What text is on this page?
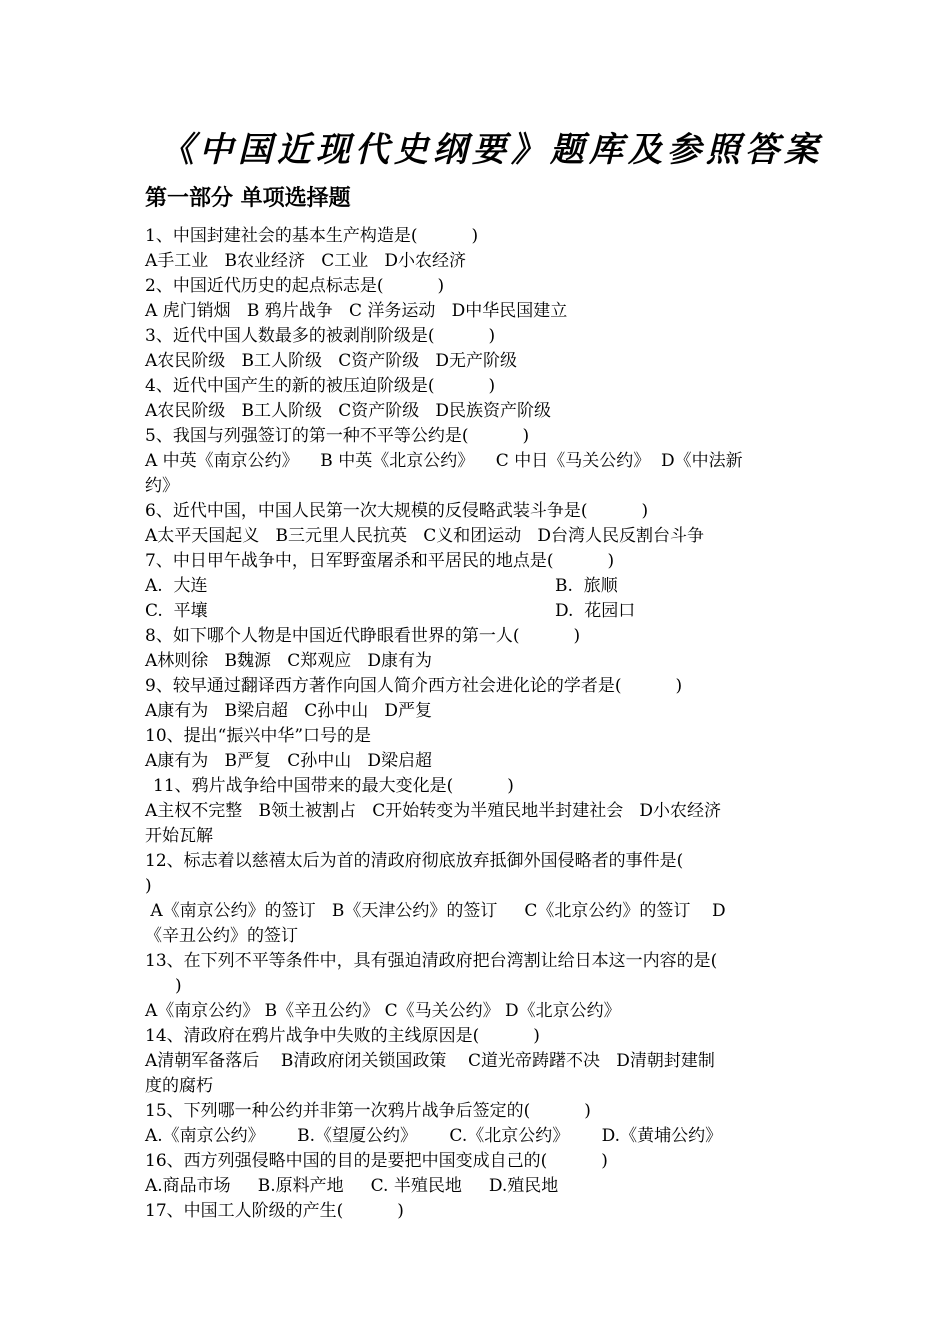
《中国近现代史纲要》题库及参照答案
第一部分 单项选择题
1、中国封建社会的基本生产构造是(          )
A手工业   B农业经济   C工业   D小农经济
2、中国近代历史的起点标志是(          )
A 虎门销烟   B 鸦片战争   C 洋务运动   D中华民国建立
3、近代中国人数最多的被剥削阶级是(          )
A农民阶级   B工人阶级   C资产阶级   D无产阶级
4、近代中国产生的新的被压迫阶级是(          )
A农民阶级   B工人阶级   C资产阶级   D民族资产阶级
5、我国与列强签订的第一种不平等公约是(          )
A 中英《南京公约》    B 中英《北京公约》    C 中日《马关公约》  D《中法新
约》
6、近代中国，中国人民第一次大规模的反侵略武装斗争是(          )
A太平天国起义   B三元里人民抗英   C义和团运动   D台湾人民反割台斗争
7、中日甲午战争中，日军野蛮屠杀和平居民的地点是(          )
A.  大连	B.  旅顺
C.  平壤	D.  花园口
8、如下哪个人物是中国近代睁眼看世界的第一人(          )
A林则徐   B魏源   C郑观应   D康有为
9、较早通过翻译西方著作向国人简介西方社会进化论的学者是(          )
A康有为   B梁启超   C孙中山   D严复
10、提出“振兴中华”口号的是
A康有为   B严复   C孙中山   D梁启超
11、鸦片战争给中国带来的最大变化是(          )
A主权不完整   B领土被割占   C开始转变为半殖民地半封建社会   D小农经济
开始瓦解
12、标志着以慈禧太后为首的清政府彻底放弃抵御外国侵略者的事件是(
)
A《南京公约》的签订   B《天津公约》的签订     C《北京公约》的签订    D
《辛丑公约》的签订
13、在下列不平等条件中，具有强迫清政府把台湾割让给日本这一内容的是(
)
A《南京公约》 B《辛丑公约》 C《马关公约》 D《北京公约》
14、清政府在鸦片战争中失败的主线原因是(          )
A清朝军备落后    B清政府闭关锁国政策    C道光帝踌躇不决   D清朝封建制
度的腐朽
15、下列哪一种公约并非第一次鸦片战争后签定的(          )
A.《南京公约》      B.《望厦公约》      C.《北京公约》      D.《黄埔公约》
16、西方列强侵略中国的目的是要把中国变成自己的(          )
A.商品市场     B.原料产地     C. 半殖民地     D.殖民地
17、中国工人阶级的产生(          )
